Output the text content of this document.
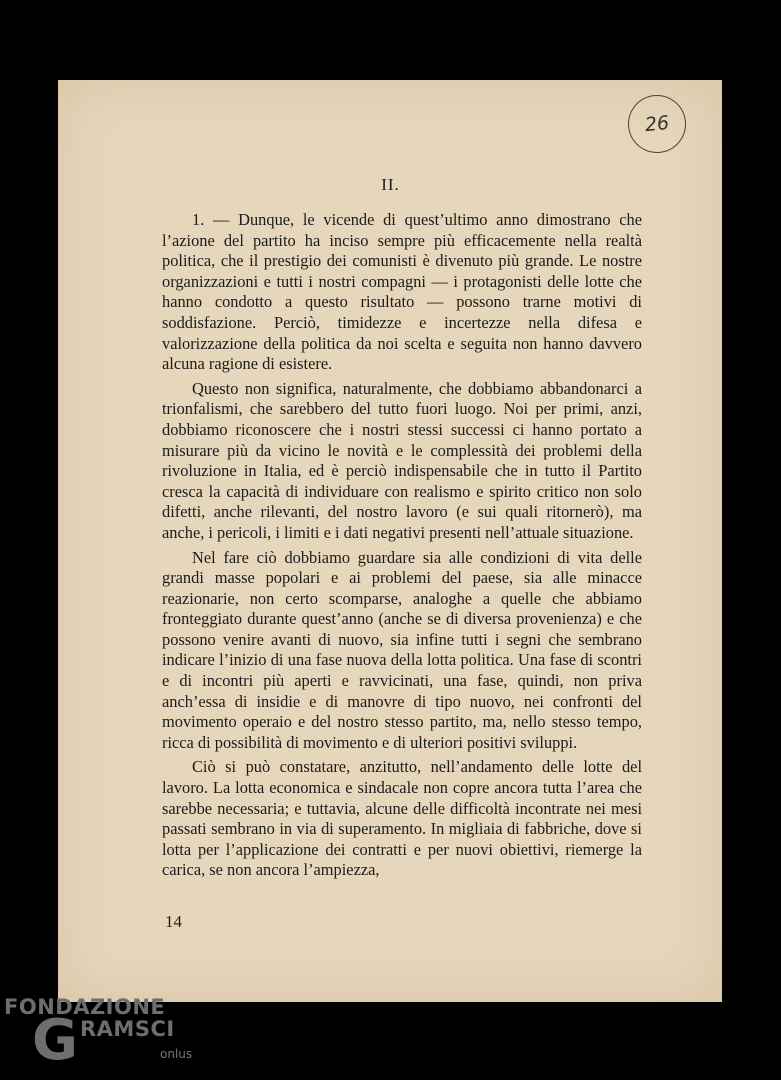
26
II.

1. — Dunque, le vicende di quest’ultimo anno dimostrano che l’azione del partito ha inciso sempre più efficacemente nella realtà politica, che il prestigio dei comunisti è divenuto più grande. Le nostre organizzazioni e tutti i nostri compagni — i protagonisti delle lotte che hanno condotto a questo risultato — possono trarne motivi di soddisfazione. Perciò, timidezze e incertezze nella difesa e valorizzazione della politica da noi scelta e seguita non hanno davvero alcuna ragione di esistere.

Questo non significa, naturalmente, che dobbiamo abbandonarci a trionfalismi, che sarebbero del tutto fuori luogo. Noi per primi, anzi, dobbiamo riconoscere che i nostri stessi successi ci hanno portato a misurare più da vicino le novità e le complessità dei problemi della rivoluzione in Italia, ed è perciò indispensabile che in tutto il Partito cresca la capacità di individuare con realismo e spirito critico non solo difetti, anche rilevanti, del nostro lavoro (e sui quali ritornerò), ma anche, i pericoli, i limiti e i dati negativi presenti nell’attuale situazione.

Nel fare ciò dobbiamo guardare sia alle condizioni di vita delle grandi masse popolari e ai problemi del paese, sia alle minacce reazionarie, non certo scomparse, analoghe a quelle che abbiamo fronteggiato durante quest’anno (anche se di diversa provenienza) e che possono venire avanti di nuovo, sia infine tutti i segni che sembrano indicare l’inizio di una fase nuova della lotta politica. Una fase di scontri e di incontri più aperti e ravvicinati, una fase, quindi, non priva anch’essa di insidie e di manovre di tipo nuovo, nei confronti del movimento operaio e del nostro stesso partito, ma, nello stesso tempo, ricca di possibilità di movimento e di ulteriori positivi sviluppi.

Ciò si può constatare, anzitutto, nell’andamento delle lotte del lavoro. La lotta economica e sindacale non copre ancora tutta l’area che sarebbe necessaria; e tuttavia, alcune delle difficoltà incontrate nei mesi passati sembrano in via di superamento. In migliaia di fabbriche, dove si lotta per l’applicazione dei contratti e per nuovi obiettivi, riemerge la carica, se non ancora l’ampiezza,

14
FONDAZIONE
G RAMSCI
onlus
